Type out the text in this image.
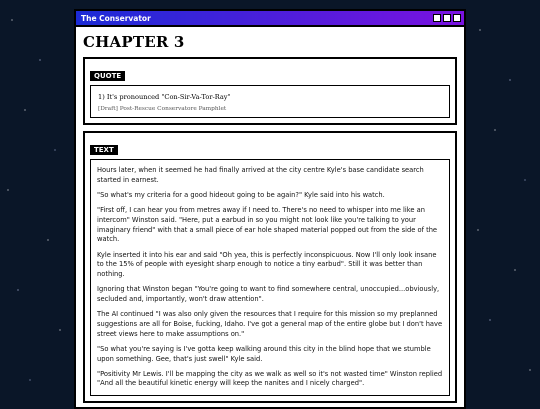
The Conservator
CHAPTER 3
QUOTE

1) It's pronounced "Con-Sir-Va-Tor-Ray"

[Draft] Post-Rescue Conservatore Pamphlet

TEXT

Hours later, when it seemed he had finally arrived at the city centre Kyle's base candidate search started in earnest.

"So what's my criteria for a good hideout going to be again?" Kyle said into his watch.

"First off, I can hear you from metres away if I need to. There's no need to whisper into me like an intercom" Winston said. "Here, put a earbud in so you might not look like you're talking to your imaginary friend" with that a small piece of ear hole shaped material popped out from the side of the watch.

Kyle inserted it into his ear and said "Oh yea, this is perfectly inconspicuous. Now I'll only look insane to the 15% of people with eyesight sharp enough to notice a tiny earbud". Still it was better than nothing.

Ignoring that Winston began "You're going to want to find somewhere central, unoccupied...obviously, secluded and, importantly, won't draw attention".

The AI continued "I was also only given the resources that I require for this mission so my preplanned suggestions are all for Boise, fucking, Idaho. I've got a general map of the entire globe but I don't have street views here to make assumptions on."

"So what you're saying is I've gotta keep walking around this city in the blind hope that we stumble upon something. Gee, that's just swell" Kyle said.

"Positivity Mr Lewis. I'll be mapping the city as we walk as well so it's not wasted time" Winston replied "And all the beautiful kinetic energy will keep the nanites and I nicely charged".
